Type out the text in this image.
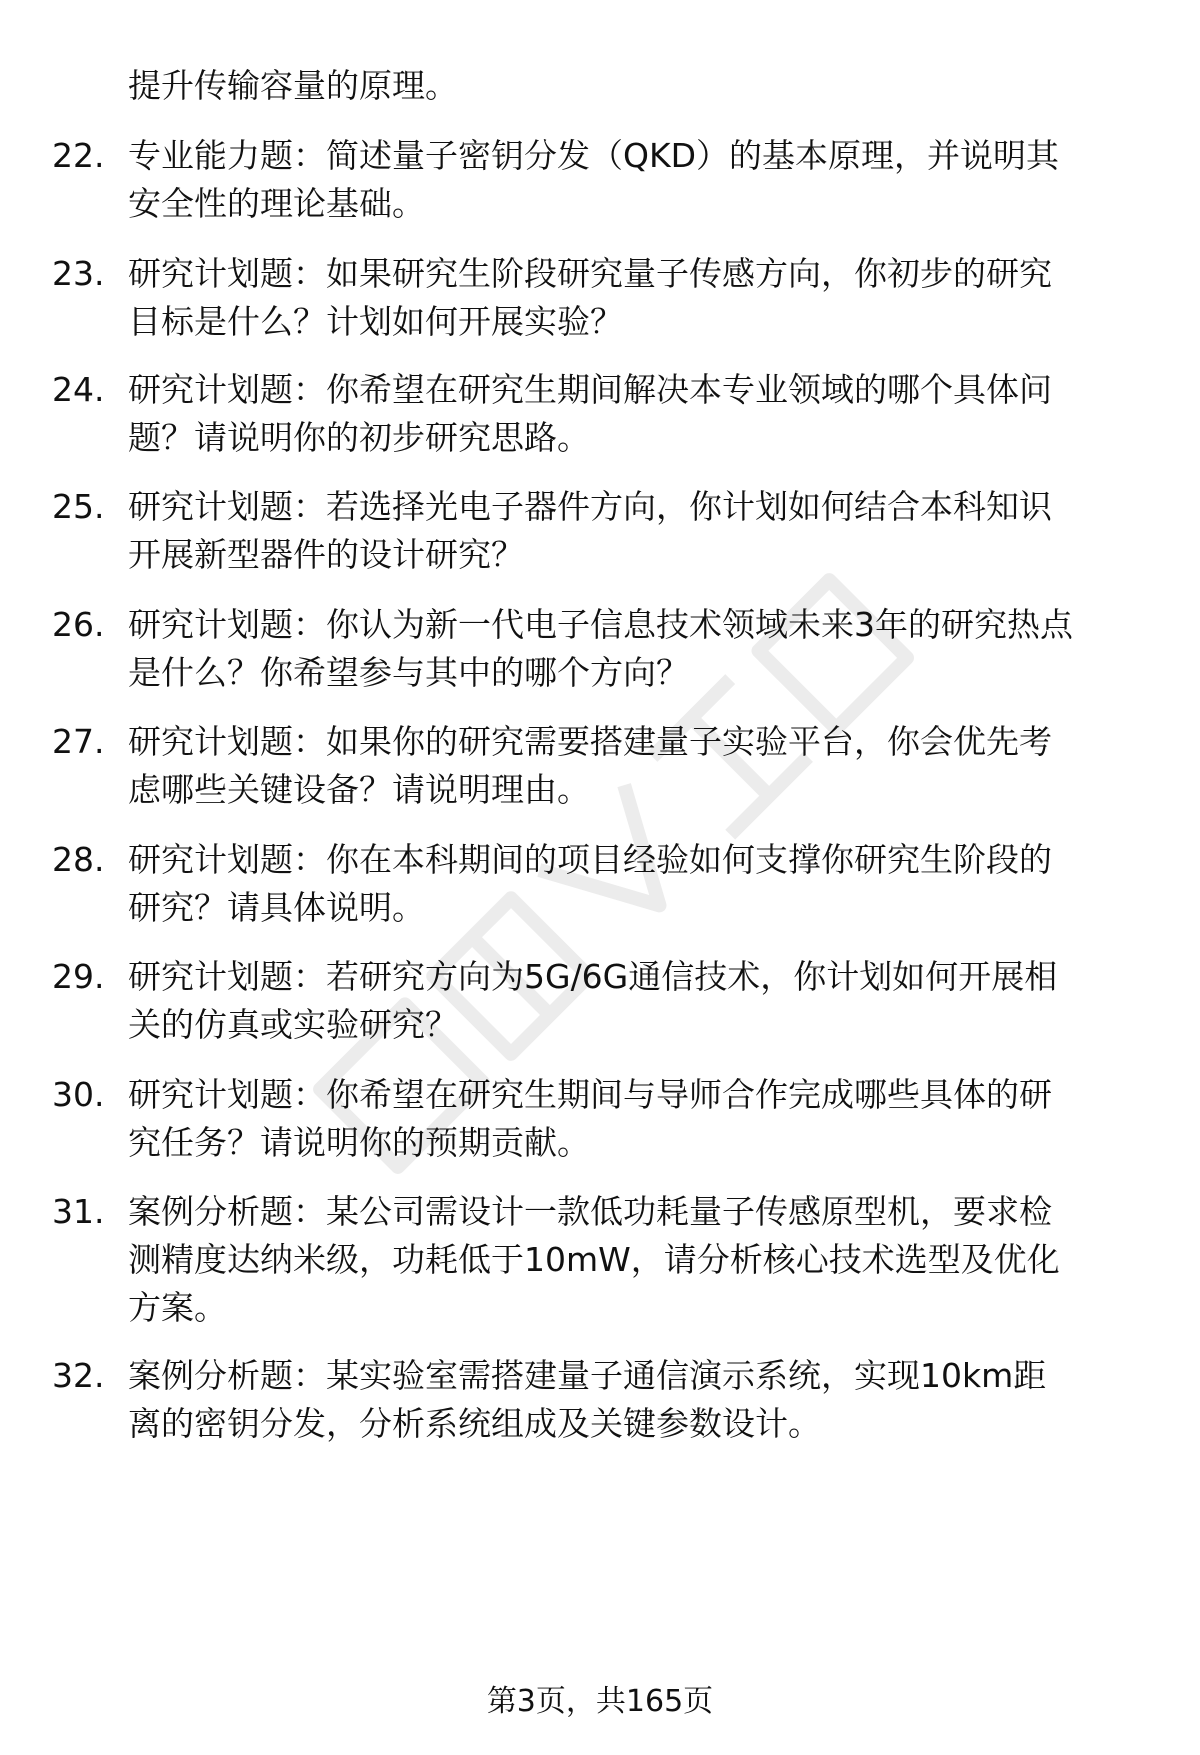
提升传输容量的原理。
22. 专业能力题：简述量子密钥分发（QKD）的基本原理，并说明其
安全性的理论基础。
23. 研究计划题：如果研究生阶段研究量子传感方向，你初步的研究
目标是什么？计划如何开展实验？
24. 研究计划题：你希望在研究生期间解决本专业领域的哪个具体问
题？请说明你的初步研究思路。
25. 研究计划题：若选择光电子器件方向，你计划如何结合本科知识
开展新型器件的设计研究？
26. 研究计划题：你认为新一代电子信息技术领域未来3年的研究热点
是什么？你希望参与其中的哪个方向？
27. 研究计划题：如果你的研究需要搭建量子实验平台，你会优先考
虑哪些关键设备？请说明理由。
28. 研究计划题：你在本科期间的项目经验如何支撑你研究生阶段的
研究？请具体说明。
29. 研究计划题：若研究方向为5G/6G通信技术，你计划如何开展相
关的仿真或实验研究？
30. 研究计划题：你希望在研究生期间与导师合作完成哪些具体的研
究任务？请说明你的预期贡献。
31. 案例分析题：某公司需设计一款低功耗量子传感原型机，要求检
测精度达纳米级，功耗低于10mW，请分析核心技术选型及优化
方案。
32. 案例分析题：某实验室需搭建量子通信演示系统，实现10km距
离的密钥分发，分析系统组成及关键参数设计。
第3页，共165页
